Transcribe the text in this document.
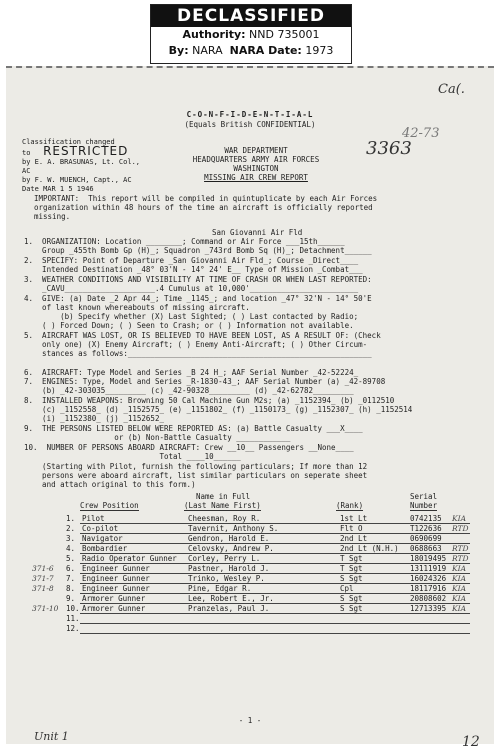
DECLASSIFIED
Authority: NND 735001
By: NARA NARA Date: 1973
Ca(.
42-73
3363
C-O-N-F-I-D-E-N-T-I-A-L
(Equals British CONFIDENTIAL)
Classification changed
to RESTRICTED
by E. A. BRASUNAS, Lt. Col., AC
by F. W. MUENCH, Capt., AC
Date MAR 1 5 1946
WAR DEPARTMENT
HEADQUARTERS ARMY AIR FORCES
WASHINGTON
MISSING AIR CREW REPORT
IMPORTANT:  This report will be compiled in quintuplicate by each Air Forces
organization within 48 hours of the time an aircraft is officially reported
missing.
San Giovanni Air Fld
1.  ORGANIZATION: Location ________; Command or Air Force ___15th______
Group _455th Bomb Gp (H)_; Squadron _743rd Bomb Sq (H)_; Detachment______
2.  SPECIFY: Point of Departure _San Giovanni Air Fld_; Course _Direct____
Intended Destination _48° 03'N - 14° 24' E__ Type of Mission _Combat___
3.  WEATHER CONDITIONS AND VISIBILITY AT TIME OF CRASH OR WHEN LAST REPORTED:
_CAVU____________________.4 Cumulus at 10,000'________________________
4.  GIVE: (a) Date _2 Apr 44_; Time _1145_; and location _47° 32'N - 14° 50'E
of last known whereabouts of missing aircraft.
(b) Specify whether (X) Last Sighted; ( ) Last contacted by Radio;
( ) Forced Down; ( ) Seen to Crash; or ( ) Information not available.
5.  AIRCRAFT WAS LOST, OR IS BELIEVED TO HAVE BEEN LOST, AS A RESULT OF: (Check
only one) (X) Enemy Aircraft; ( ) Enemy Anti-Aircraft; ( ) Other Circum-
stances as follows:______________________________________________________
6.  AIRCRAFT: Type Model and Series _B 24 H_; AAF Serial Number _42-52224_
7.  ENGINES: Type, Model and Series _R-1830-43_; AAF Serial Number (a) _42-89708
(b) _42-303035_________ (c) _42-90328_________ (d) _42-62782_________
8.  INSTALLED WEAPONS: Browning 50 Cal Machine Gun M2s; (a) _1152394_ (b) _0112510
(c) _1152558_ (d) _1152575_ (e) _1151802_ (f) _1150173_ (g) _1152307_ (h) _1152514
(i) _1152380_ (j) _1152652_
9.  THE PERSONS LISTED BELOW WERE REPORTED AS: (a) Battle Casualty ___X____
or (b) Non-Battle Casualty ____________
10.  NUMBER OF PERSONS ABOARD AIRCRAFT: Crew __10__ Passengers __None____
Total ____10______
(Starting with Pilot, furnish the following particulars; If more than 12
persons were aboard aircraft, list similar particulars on seperate sheet
and attach original to this form.)
Name in Full	Serial
Crew Position	(Last Name First)	(Rank)	Number
1. Pilot	Cheesman, Roy R.	1st Lt	0742135 KIA
2. Co-pilot	Tavernit, Anthony S.	Flt O	T122636 RTD
3. Navigator	Gendron, Harold E.	2nd Lt	0690699
4. Bombardier	Celovsky, Andrew P.	2nd Lt (N.H.) 0688663 RTD
5. Radio Operator Gunner Corley, Perry L.	T Sgt	18019495 RTD
6. Engineer Gunner	Pastner, Harold J.	T Sgt	13111919 KIA
371-6
7. Engineer Gunner	Trinko, Wesley P.	S Sgt	16024326 KIA
371-7
8. Engineer Gunner	Pine, Edgar R.	Cpl	18117916 KIA
371-8
9. Armorer Gunner	Lee, Robert E., Jr.	S Sgt	20808602 KIA
10. Armorer Gunner	Pranzelas, Paul J.	S Sgt	12713395 KIA
371-10
11.
12.
Unit 1
- 1 -
12
